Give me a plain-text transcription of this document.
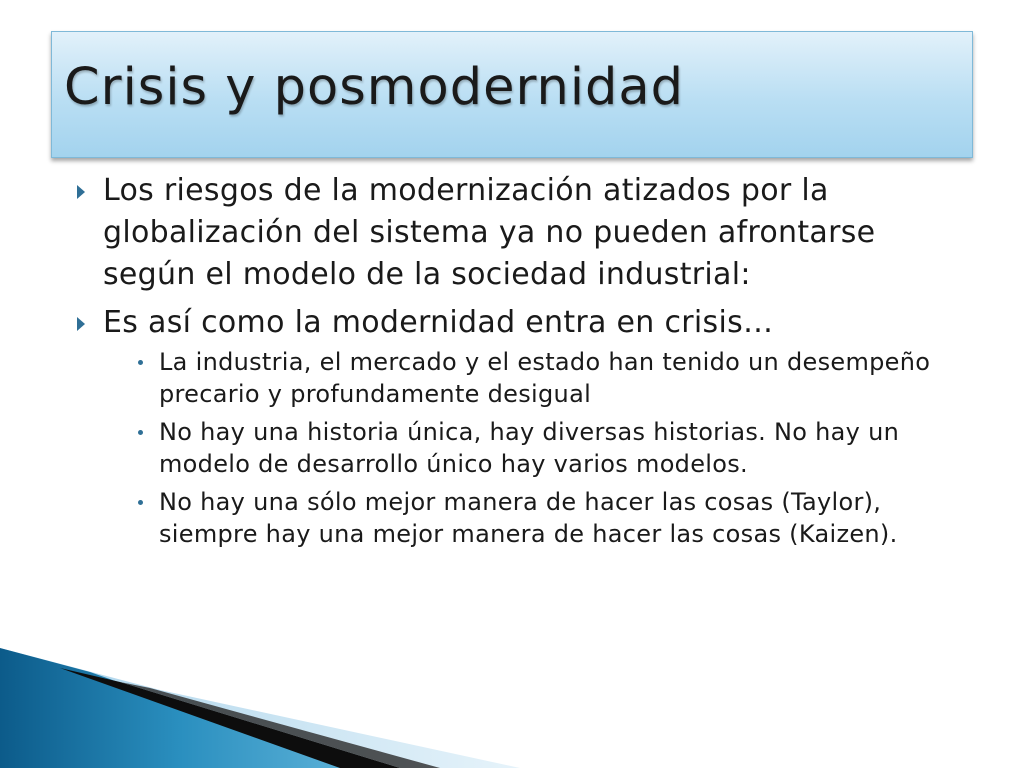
Crisis y posmodernidad
Los riesgos de la modernización atizados por la globalización del sistema ya no pueden afrontarse según el modelo de la sociedad industrial:
Es así como la modernidad entra en crisis…
La industria, el mercado y el estado han tenido un desempeño precario y profundamente desigual
No hay una historia única, hay diversas historias. No hay un modelo de desarrollo único hay varios modelos.
No hay una sólo mejor manera de hacer las cosas (Taylor), siempre hay una mejor manera de hacer las cosas (Kaizen).
